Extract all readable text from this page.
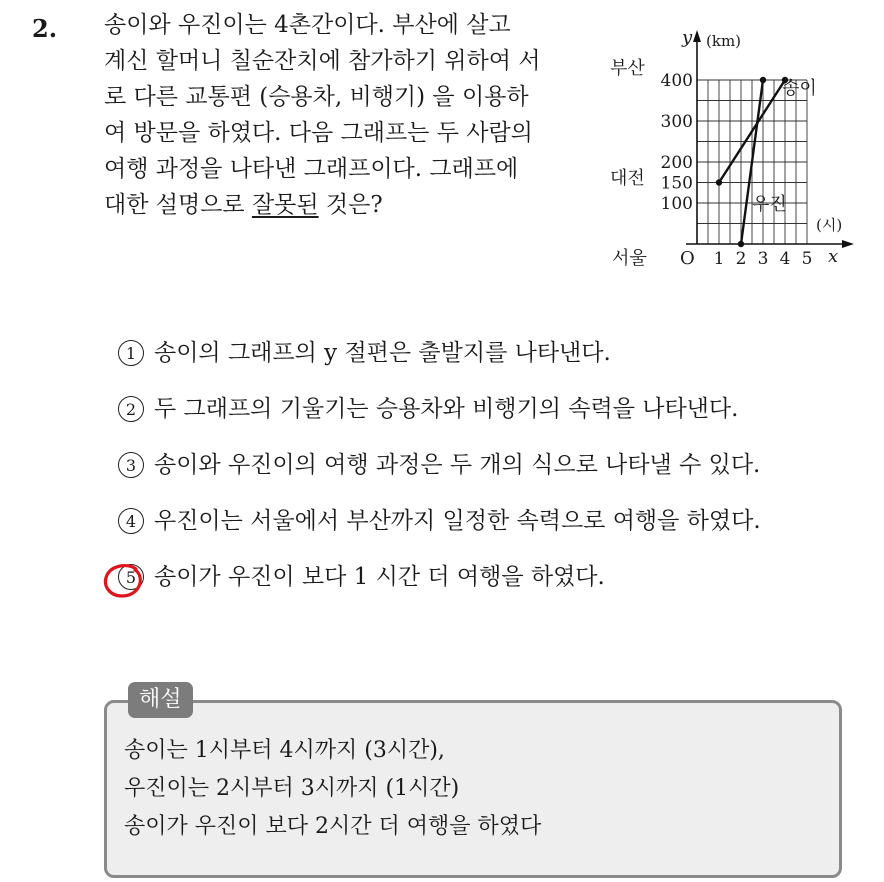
2. 송이와 우진이는 4촌간이다. 부산에 살고
계신 할머니 칠순잔치에 참가하기 위하여 서
로 다른 교통편 (승용차, 비행기) 을 이용하
여 방문을 하였다. 다음 그래프는 두 사람의
여행 과정을 나타낸 그래프이다. 그래프에
대한 설명으로 잘못된 것은?
y (km)
(시)
x
O
100
150
200
300
400
1 2 3 4 5
부산
대전
서울
송이
우진
1 송이의 그래프의 y 절편은 출발지를 나타낸다.
2 두 그래프의 기울기는 승용차와 비행기의 속력을 나타낸다.
3 송이와 우진이의 여행 과정은 두 개의 식으로 나타낼 수 있다.
4 우진이는 서울에서 부산까지 일정한 속력으로 여행을 하였다.
5 송이가 우진이 보다 1 시간 더 여행을 하였다.
해설
송이는 1시부터 4시까지 (3시간),
우진이는 2시부터 3시까지 (1시간)
송이가 우진이 보다 2시간 더 여행을 하였다
